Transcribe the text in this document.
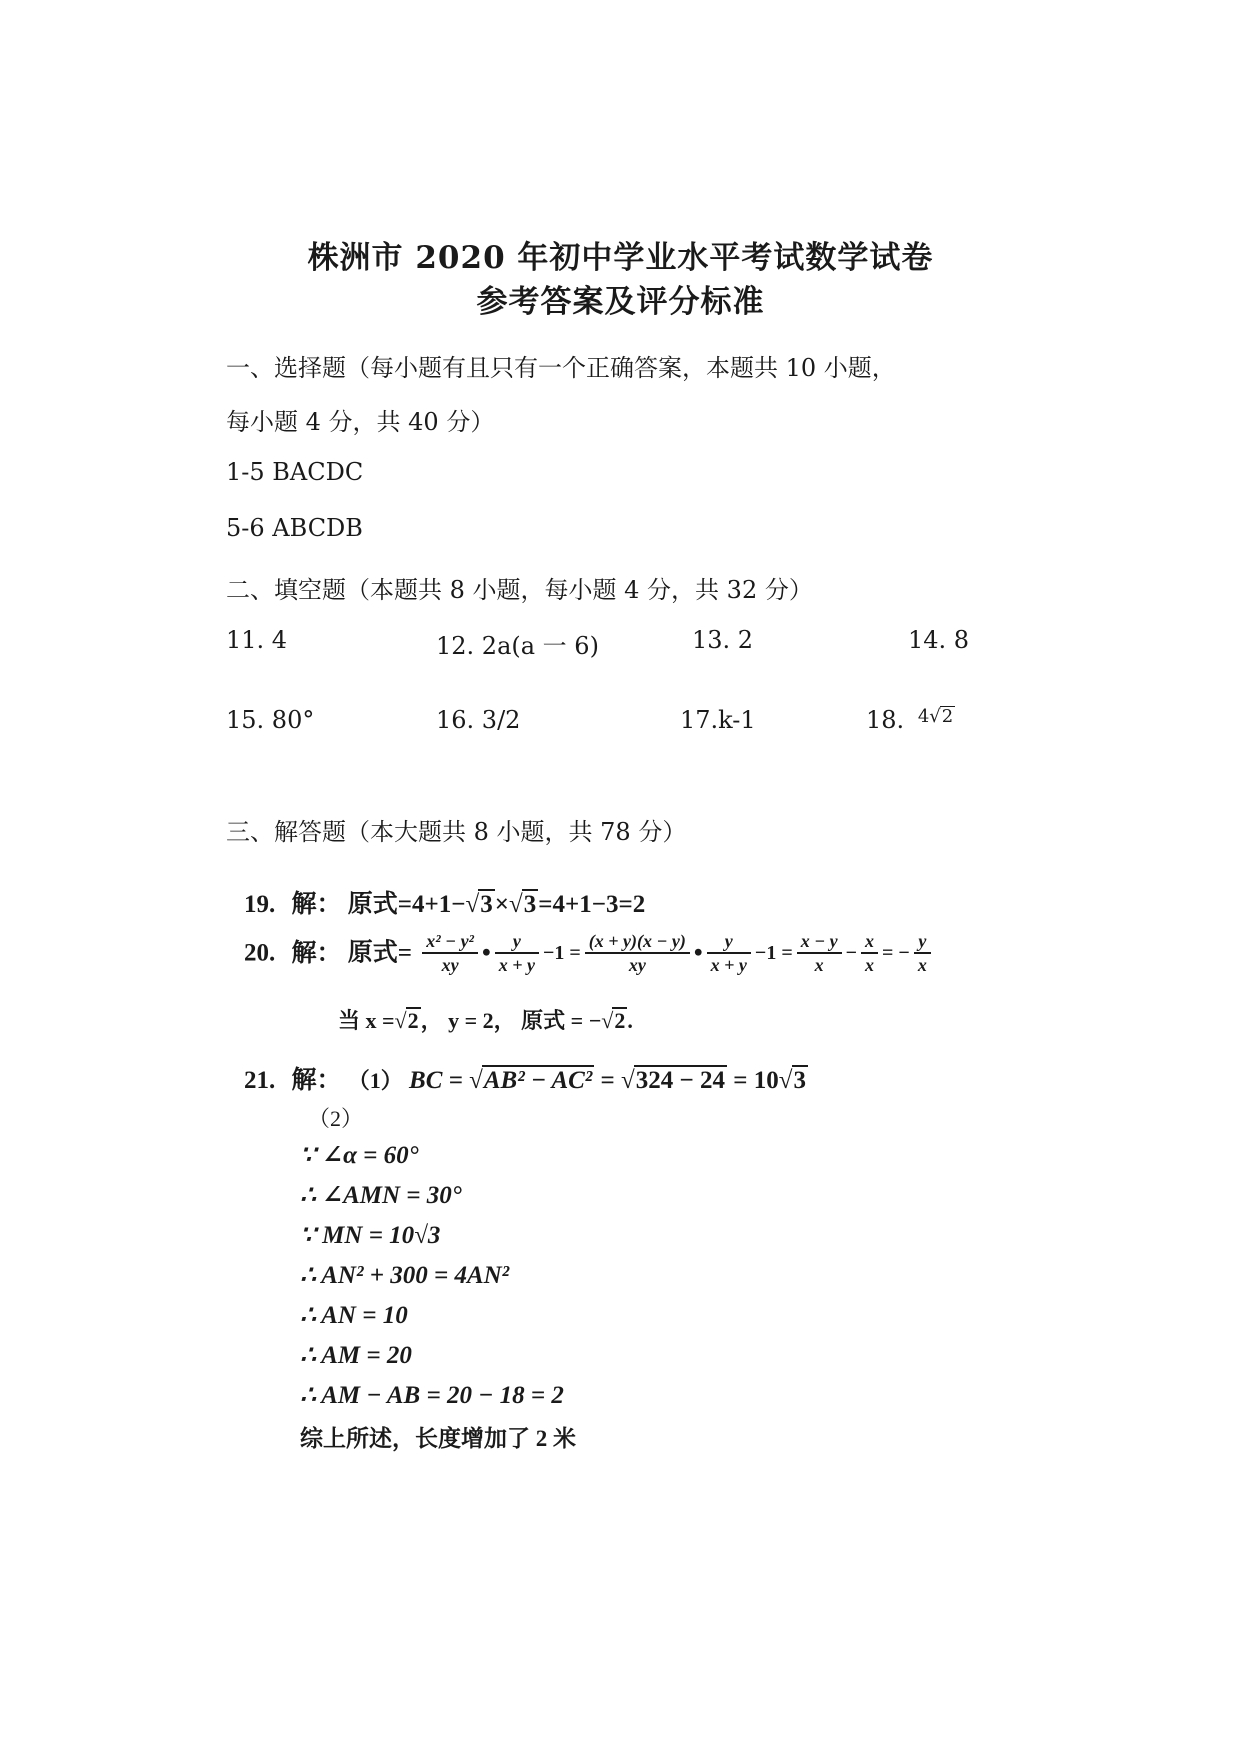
株洲市 2020 年初中学业水平考试数学试卷
参考答案及评分标准
一、选择题（每小题有且只有一个正确答案，本题共 10 小题，
每小题 4 分，共 40 分）
1-5 BACDC
5-6 ABCDB
二、填空题（本题共 8 小题，每小题 4 分，共 32 分）
11. 4	12. 2a(a 一 6)	13. 2	14. 8
15. 80°	16. 3/2	17.k-1	18. $^4$√2
三、解答题（本大题共 8 小题，共 78 分）
19. 解： 原式=4+1−√3×√3=4+1−3=2
20. 解： 原式= $\frac{\text{x² − y²}}{xy}$ • $\frac{y}{x + y} -1 = \frac{(x + y)(x - y)}{xy}$ • $\frac{y}{x + y} -1 = \frac{x - y}{x} - \frac{x}{x}$ = − $\frac{y}{x}$
当 x =√2， y = 2， 原式 = −√2.
21. 解： （1） BC = √AB² − AC² = √324 − 24 = 10√3
（2）
∵ ∠α = 60°
∴ ∠AMN = 30°
∵ MN = 10√3
∴ AN² + 300 = 4AN²
∴ AN = 10
∴ AM = 20
∴ AM − AB = 20 − 18 = 2
综上所述，长度增加了 2 米
